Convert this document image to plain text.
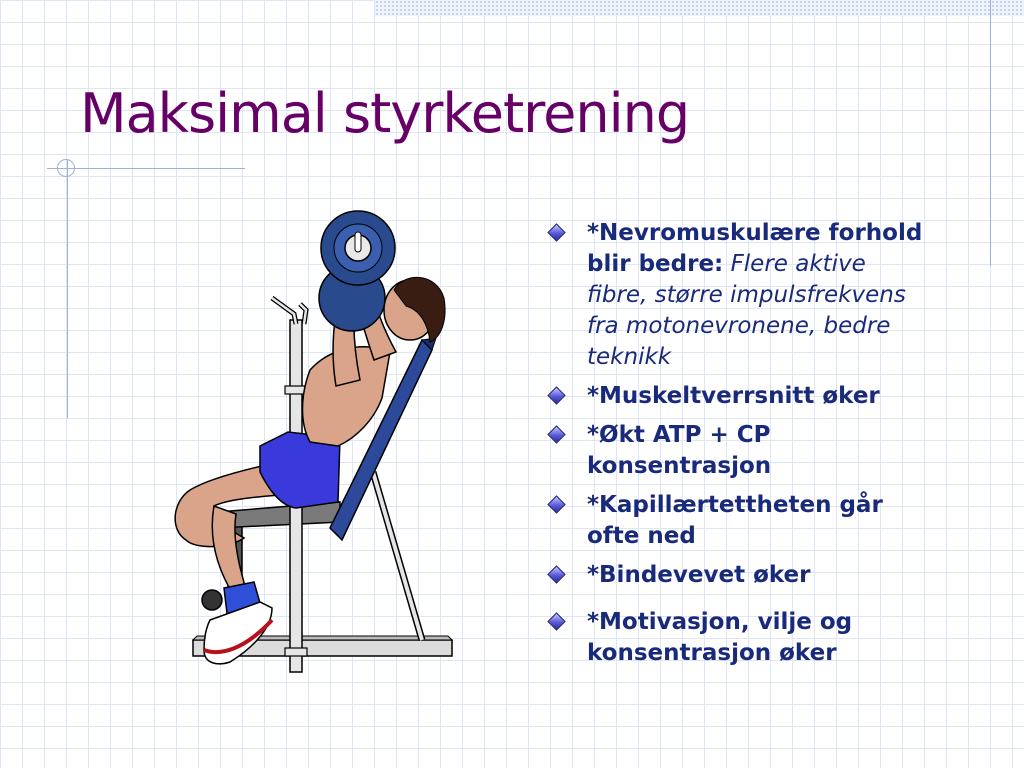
Maksimal styrketrening
*Nevromuskulære forhold blir bedre: Flere aktive fibre, større impulsfrekvens fra motonevronene, bedre teknikk
*Muskeltverrsnitt øker
*Økt ATP + CP konsentrasjon
*Kapillærtettheten går ofte ned
*Bindevevet øker
*Motivasjon, vilje og konsentrasjon øker
